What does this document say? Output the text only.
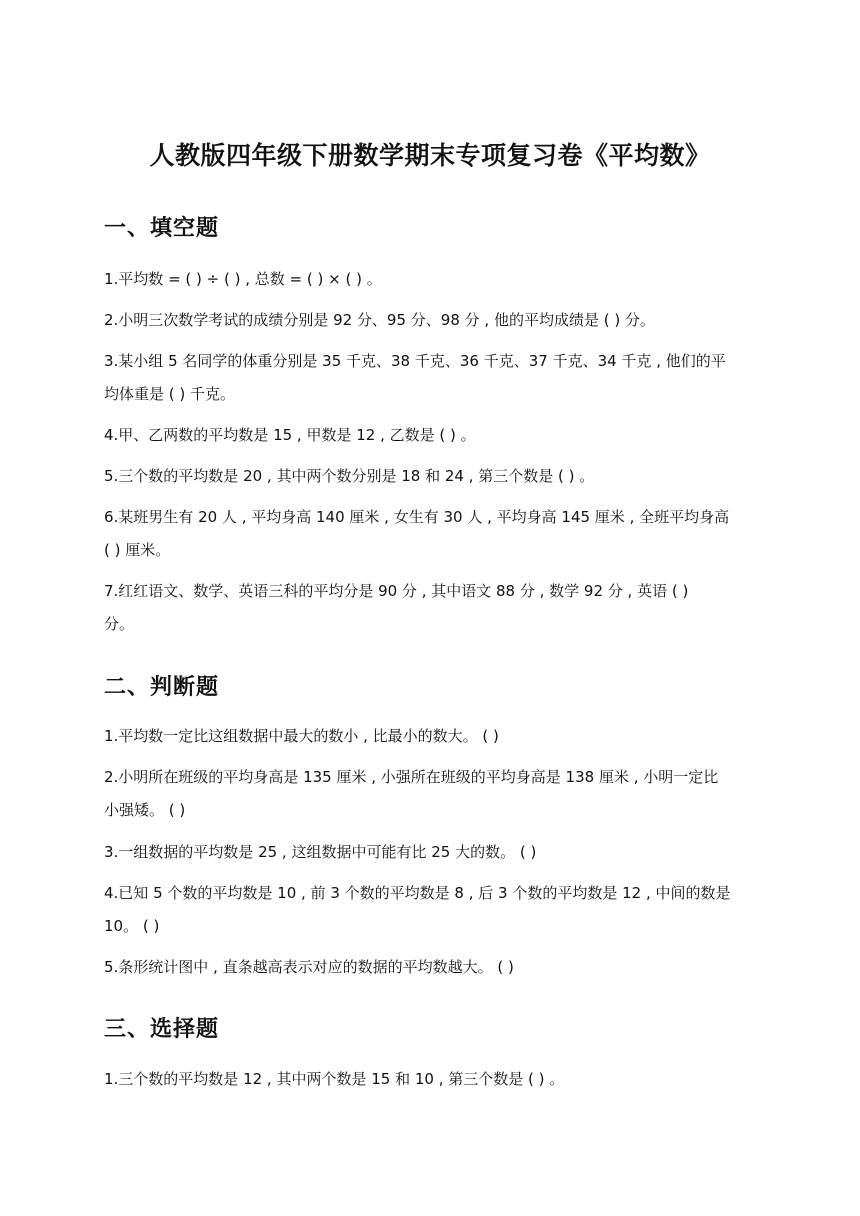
人教版四年级下册数学期末专项复习卷《平均数》
一、填空题
1.平均数 = ( ) ÷ ( ) , 总数 = ( ) × ( ) 。
2.小明三次数学考试的成绩分别是 92 分、95 分、98 分 , 他的平均成绩是 ( ) 分。
3.某小组 5 名同学的体重分别是 35 千克、38 千克、36 千克、37 千克、34 千克 , 他们的平
均体重是 ( ) 千克。
4.甲、乙两数的平均数是 15 , 甲数是 12 , 乙数是 ( ) 。
5.三个数的平均数是 20 , 其中两个数分别是 18 和 24 , 第三个数是 ( ) 。
6.某班男生有 20 人 , 平均身高 140 厘米 , 女生有 30 人 , 平均身高 145 厘米 , 全班平均身高
( ) 厘米。
7.红红语文、数学、英语三科的平均分是 90 分 , 其中语文 88 分 , 数学 92 分 , 英语 ( )
分。
二、判断题
1.平均数一定比这组数据中最大的数小 , 比最小的数大。 ( )
2.小明所在班级的平均身高是 135 厘米 , 小强所在班级的平均身高是 138 厘米 , 小明一定比
小强矮。 ( )
3.一组数据的平均数是 25 , 这组数据中可能有比 25 大的数。 ( )
4.已知 5 个数的平均数是 10 , 前 3 个数的平均数是 8 , 后 3 个数的平均数是 12 , 中间的数是
10。 ( )
5.条形统计图中 , 直条越高表示对应的数据的平均数越大。 ( )
三、选择题
1.三个数的平均数是 12 , 其中两个数是 15 和 10 , 第三个数是 ( ) 。
